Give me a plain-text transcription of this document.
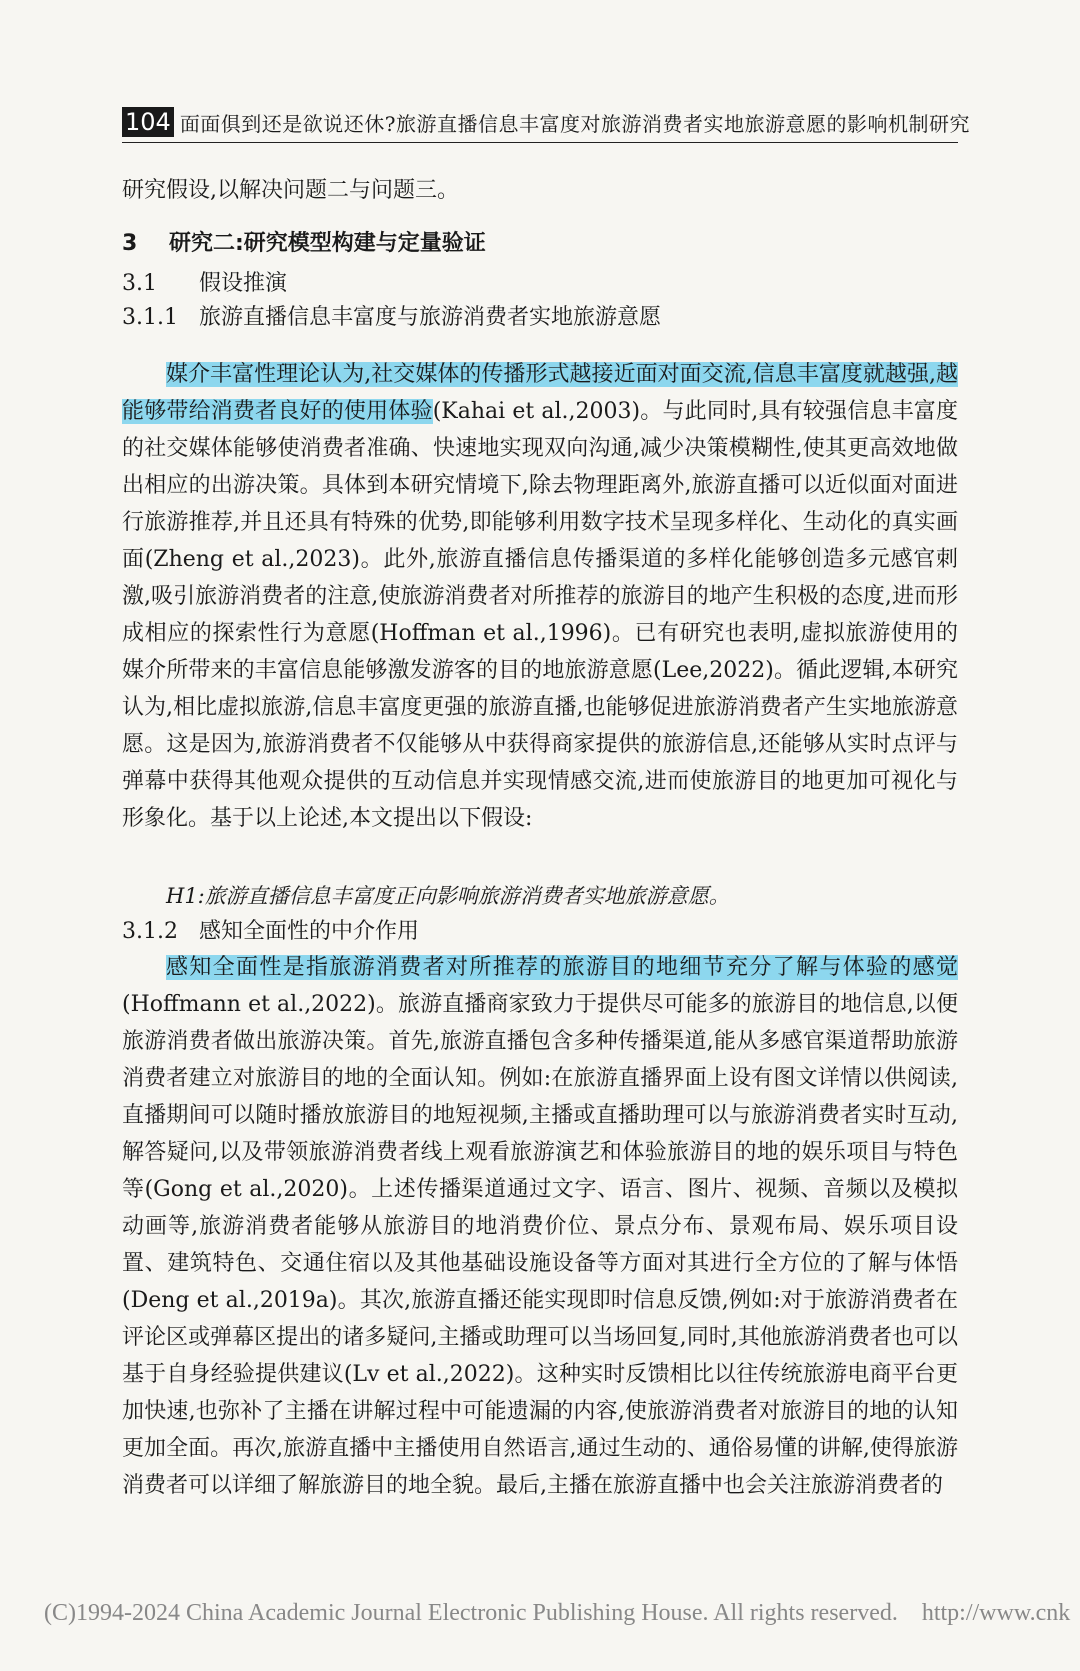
104 面面俱到还是欲说还休?旅游直播信息丰富度对旅游消费者实地旅游意愿的影响机制研究
研究假设,以解决问题二与问题三。
3 研究二:研究模型构建与定量验证
3.1 假设推演
3.1.1 旅游直播信息丰富度与旅游消费者实地旅游意愿
媒介丰富性理论认为,社交媒体的传播形式越接近面对面交流,信息丰富度就越强,越能够带给消费者良好的使用体验(Kahai et al.,2003)。与此同时,具有较强信息丰富度的社交媒体能够使消费者准确、快速地实现双向沟通,减少决策模糊性,使其更高效地做出相应的出游决策。具体到本研究情境下,除去物理距离外,旅游直播可以近似面对面进行旅游推荐,并且还具有特殊的优势,即能够利用数字技术呈现多样化、生动化的真实画面(Zheng et al.,2023)。此外,旅游直播信息传播渠道的多样化能够创造多元感官刺激,吸引旅游消费者的注意,使旅游消费者对所推荐的旅游目的地产生积极的态度,进而形成相应的探索性行为意愿(Hoffman et al.,1996)。已有研究也表明,虚拟旅游使用的媒介所带来的丰富信息能够激发游客的目的地旅游意愿(Lee,2022)。循此逻辑,本研究认为,相比虚拟旅游,信息丰富度更强的旅游直播,也能够促进旅游消费者产生实地旅游意愿。这是因为,旅游消费者不仅能够从中获得商家提供的旅游信息,还能够从实时点评与弹幕中获得其他观众提供的互动信息并实现情感交流,进而使旅游目的地更加可视化与形象化。基于以上论述,本文提出以下假设:
H1:旅游直播信息丰富度正向影响旅游消费者实地旅游意愿。
3.1.2 感知全面性的中介作用
感知全面性是指旅游消费者对所推荐的旅游目的地细节充分了解与体验的感觉(Hoffmann et al.,2022)。旅游直播商家致力于提供尽可能多的旅游目的地信息,以便旅游消费者做出旅游决策。首先,旅游直播包含多种传播渠道,能从多感官渠道帮助旅游消费者建立对旅游目的地的全面认知。例如:在旅游直播界面上设有图文详情以供阅读,直播期间可以随时播放旅游目的地短视频,主播或直播助理可以与旅游消费者实时互动,解答疑问,以及带领旅游消费者线上观看旅游演艺和体验旅游目的地的娱乐项目与特色等(Gong et al.,2020)。上述传播渠道通过文字、语言、图片、视频、音频以及模拟动画等,旅游消费者能够从旅游目的地消费价位、景点分布、景观布局、娱乐项目设置、建筑特色、交通住宿以及其他基础设施设备等方面对其进行全方位的了解与体悟(Deng et al.,2019a)。其次,旅游直播还能实现即时信息反馈,例如:对于旅游消费者在评论区或弹幕区提出的诸多疑问,主播或助理可以当场回复,同时,其他旅游消费者也可以基于自身经验提供建议(Lv et al.,2022)。这种实时反馈相比以往传统旅游电商平台更加快速,也弥补了主播在讲解过程中可能遗漏的内容,使旅游消费者对旅游目的地的认知更加全面。再次,旅游直播中主播使用自然语言,通过生动的、通俗易懂的讲解,使得旅游消费者可以详细了解旅游目的地全貌。最后,主播在旅游直播中也会关注旅游消费者的
(C)1994-2024 China Academic Journal Electronic Publishing House. All rights reserved. http://www.cnk
